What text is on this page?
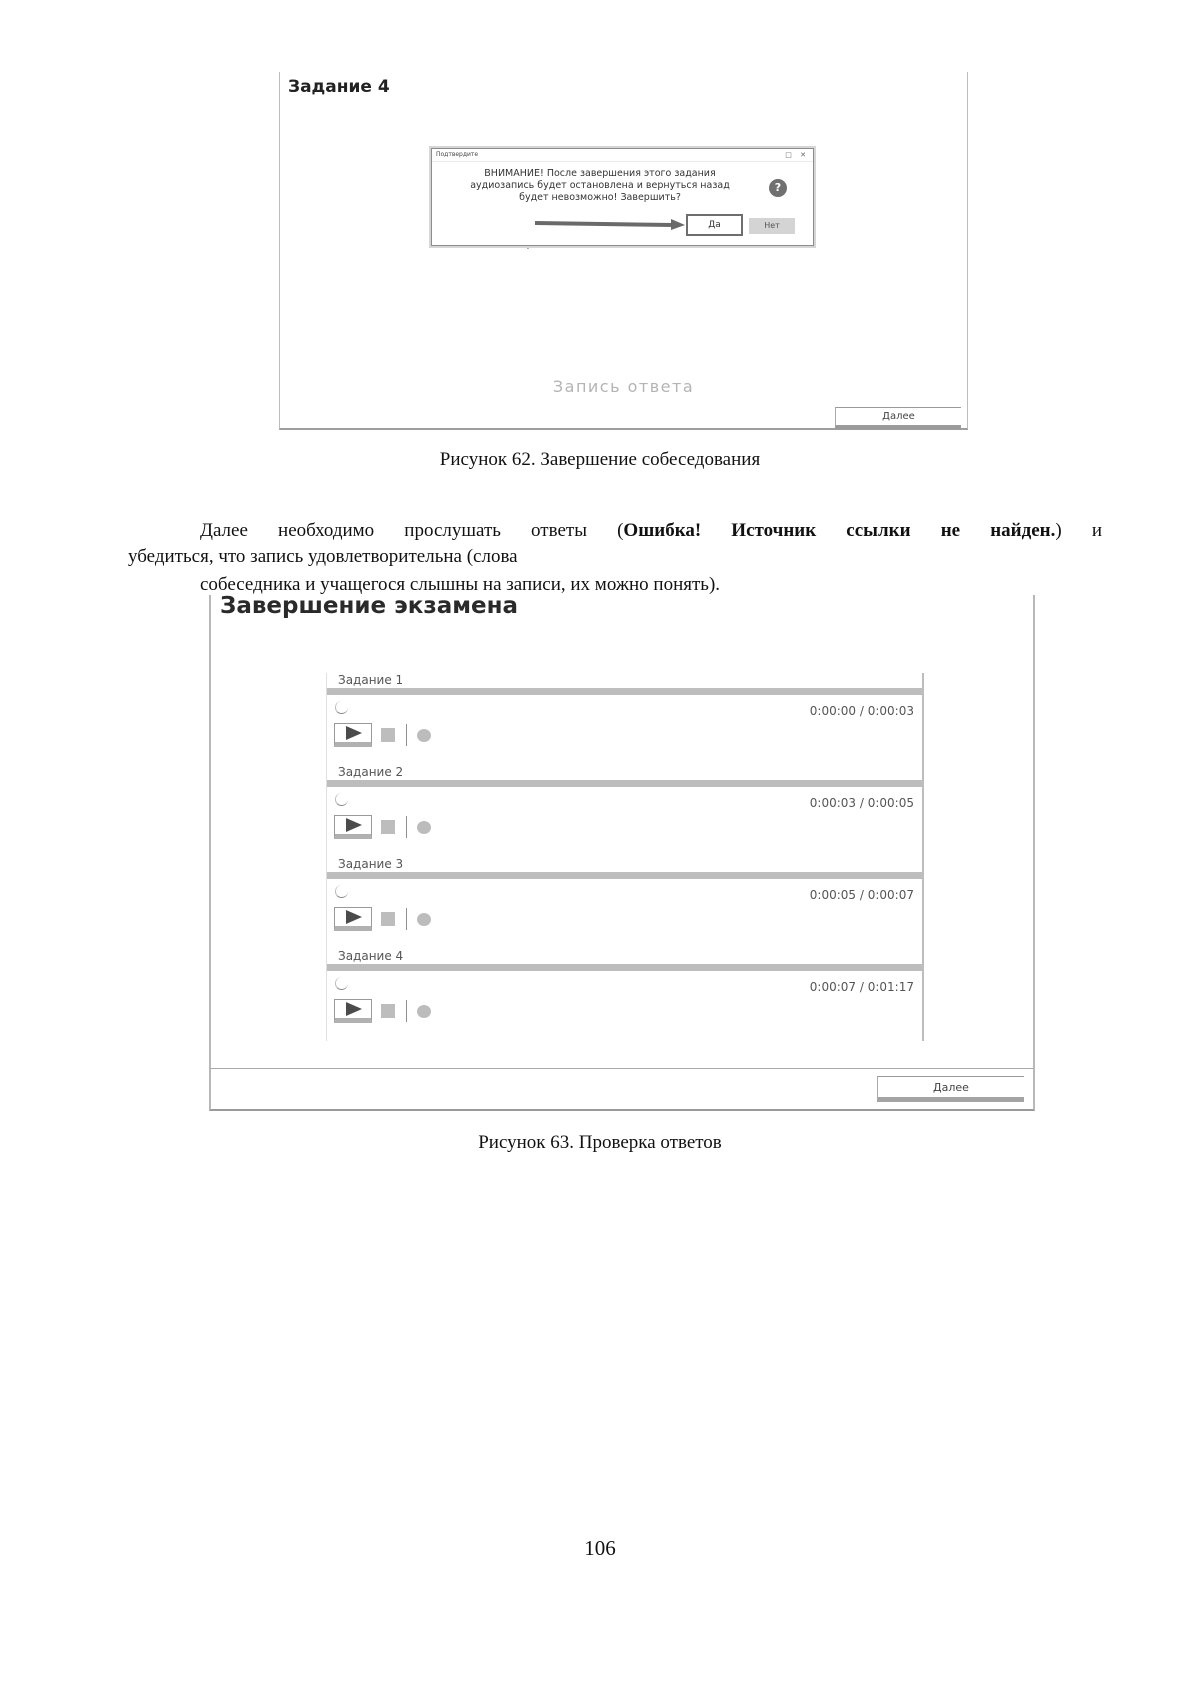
Задание 4
Подтвердите	□ ✕
ВНИМАНИЕ! После завершения этого задания
аудиозапись будет остановлена и вернуться назад
будет невозможно! Завершить?
?
Да	Нет
Запись ответа
Далее
Рисунок 62. Завершение собеседования
Далее необходимо прослушать ответы (Ошибка! Источник ссылки не найден.) и
убедиться, что запись удовлетворительна (слова
собеседника и учащегося слышны на записи, их можно понять).
Завершение экзамена
Задание 1
0:00:00 / 0:00:03
Задание 2
0:00:03 / 0:00:05
Задание 3
0:00:05 / 0:00:07
Задание 4
0:00:07 / 0:01:17
Далее
Рисунок 63. Проверка ответов
106
